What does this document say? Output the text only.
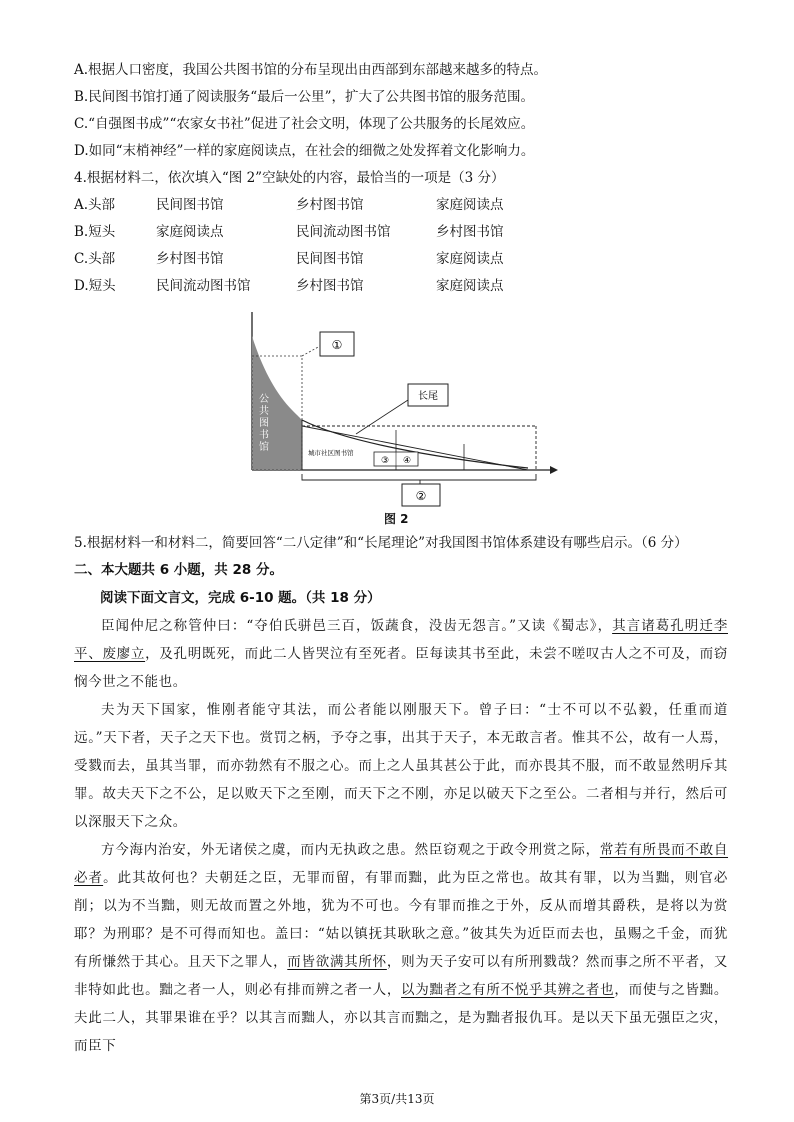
A.根据人口密度，我国公共图书馆的分布呈现出由西部到东部越来越多的特点。
B.民间图书馆打通了阅读服务“最后一公里”，扩大了公共图书馆的服务范围。
C.“自强图书成”“农家女书社”促进了社会文明，体现了公共服务的长尾效应。
D.如同“末梢神经”一样的家庭阅读点，在社会的细微之处发挥着文化影响力。
4.根据材料二，依次填入“图 2”空缺处的内容，最恰当的一项是（3 分）
A.头部	民间图书馆	乡村图书馆	家庭阅读点
B.短头	家庭阅读点	民间流动图书馆	乡村图书馆
C.头部	乡村图书馆	民间图书馆	家庭阅读点
D.短头	民间流动图书馆	乡村图书馆	家庭阅读点
①
长尾
城市社区图书馆
③ ④
②
公
共
图
书
馆
图 2
5.根据材料一和材料二，简要回答“二八定律”和“长尾理论”对我国图书馆体系建设有哪些启示。（6 分）
二、本大题共 6 小题，共 28 分。
阅读下面文言文，完成 6-10 题。（共 18 分）
臣闻仲尼之称管仲曰：“夺伯氏骈邑三百，饭蔬食，没齿无怨言。”又读《蜀志》，其言诸葛孔明迁李平、废廖立，及孔明既死，而此二人皆哭泣有至死者。臣每读其书至此，未尝不嗟叹古人之不可及，而窃悯今世之不能也。
夫为天下国家，惟刚者能守其法，而公者能以刚服天下。曾子曰：“士不可以不弘毅，任重而道远。”天下者，天子之天下也。赏罚之柄，予夺之事，出其于天子，本无敢言者。惟其不公，故有一人焉，受戮而去，虽其当罪，而亦勃然有不服之心。而上之人虽其甚公于此，而亦畏其不服，而不敢显然明斥其罪。故夫天下之不公，足以败天下之至刚，而天下之不刚，亦足以破天下之至公。二者相与并行，然后可以深服天下之众。
方今海内治安，外无诸侯之虞，而内无执政之患。然臣窃观之于政令刑赏之际，常若有所畏而不敢自必者。此其故何也？夫朝廷之臣，无罪而留，有罪而黜，此为臣之常也。故其有罪，以为当黜，则官必削；以为不当黜，则无故而置之外地，犹为不可也。今有罪而推之于外，反从而增其爵秩，是将以为赏耶？为刑耶？是不可得而知也。盖曰：“姑以镇抚其耿耿之意。”彼其失为近臣而去也，虽赐之千金，而犹有所慊然于其心。且天下之罪人，而皆欲满其所怀，则为天子安可以有所刑戮哉？然而事之所不平者，又非特如此也。黜之者一人，则必有排而辨之者一人，以为黜者之有所不悦乎其辨之者也，而使与之皆黜。夫此二人，其罪果谁在乎？以其言而黜人，亦以其言而黜之，是为黜者报仇耳。是以天下虽无强臣之灾，而臣下
第3页/共13页
